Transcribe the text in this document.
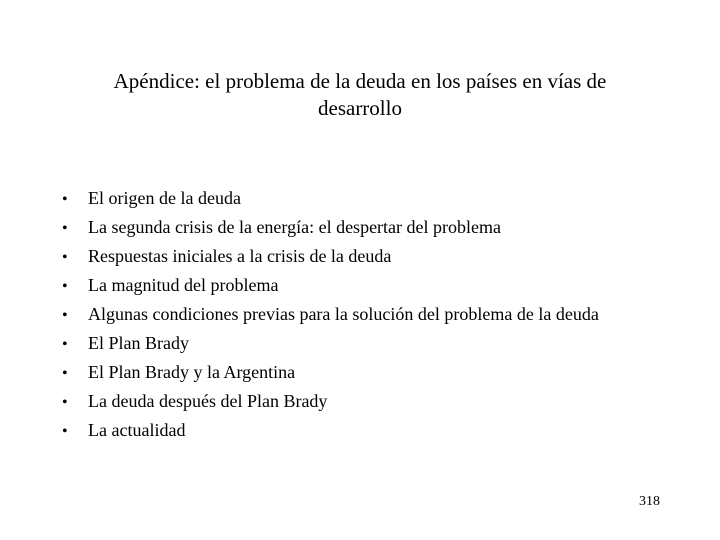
Apéndice: el problema de la deuda en los países en vías de desarrollo
•	El origen de la deuda
•	La segunda crisis de la energía: el despertar del problema
•	Respuestas iniciales a la crisis de la deuda
•	La magnitud del problema
•	Algunas condiciones previas para la solución del problema de la deuda
•	El Plan Brady
•	El Plan Brady y la Argentina
•	La deuda después del Plan Brady
•	La actualidad
318
